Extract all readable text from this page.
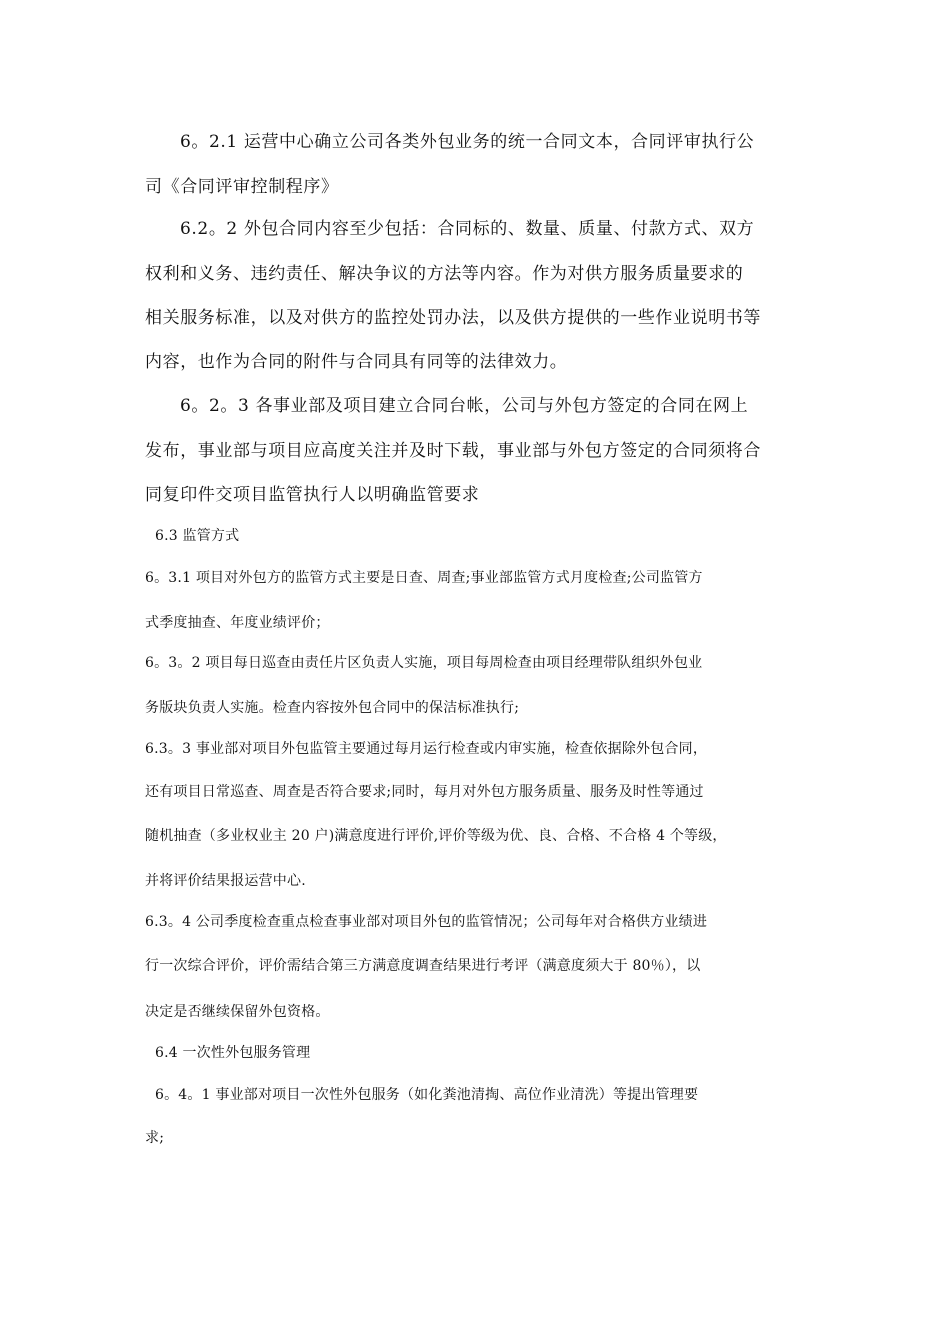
6。2.1 运营中心确立公司各类外包业务的统一合同文本，合同评审执行公

司《合同评审控制程序》

6.2。2 外包合同内容至少包括：合同标的、数量、质量、付款方式、双方

权利和义务、违约责任、解决争议的方法等内容。作为对供方服务质量要求的

相关服务标准，以及对供方的监控处罚办法，以及供方提供的一些作业说明书等

内容，也作为合同的附件与合同具有同等的法律效力。

6。2。3 各事业部及项目建立合同台帐，公司与外包方签定的合同在网上

发布，事业部与项目应高度关注并及时下载，事业部与外包方签定的合同须将合

同复印件交项目监管执行人以明确监管要求

6.3 监管方式

6。3.1 项目对外包方的监管方式主要是日查、周查;事业部监管方式月度检查;公司监管方

式季度抽查、年度业绩评价；

6。3。2 项目每日巡查由责任片区负责人实施，项目每周检查由项目经理带队组织外包业

务版块负责人实施。检查内容按外包合同中的保洁标准执行;

6.3。3 事业部对项目外包监管主要通过每月运行检查或内审实施，检查依据除外包合同，

还有项目日常巡查、周查是否符合要求;同时，每月对外包方服务质量、服务及时性等通过

随机抽查（多业权业主 20 户)满意度进行评价,评价等级为优、良、合格、不合格 4 个等级，

并将评价结果报运营中心.

6.3。4 公司季度检查重点检查事业部对项目外包的监管情况；公司每年对合格供方业绩进

行一次综合评价，评价需结合第三方满意度调查结果进行考评（满意度须大于 80％），以

决定是否继续保留外包资格。

6.4 一次性外包服务管理

6。4。1 事业部对项目一次性外包服务（如化粪池清掏、高位作业清洗）等提出管理要

求;
